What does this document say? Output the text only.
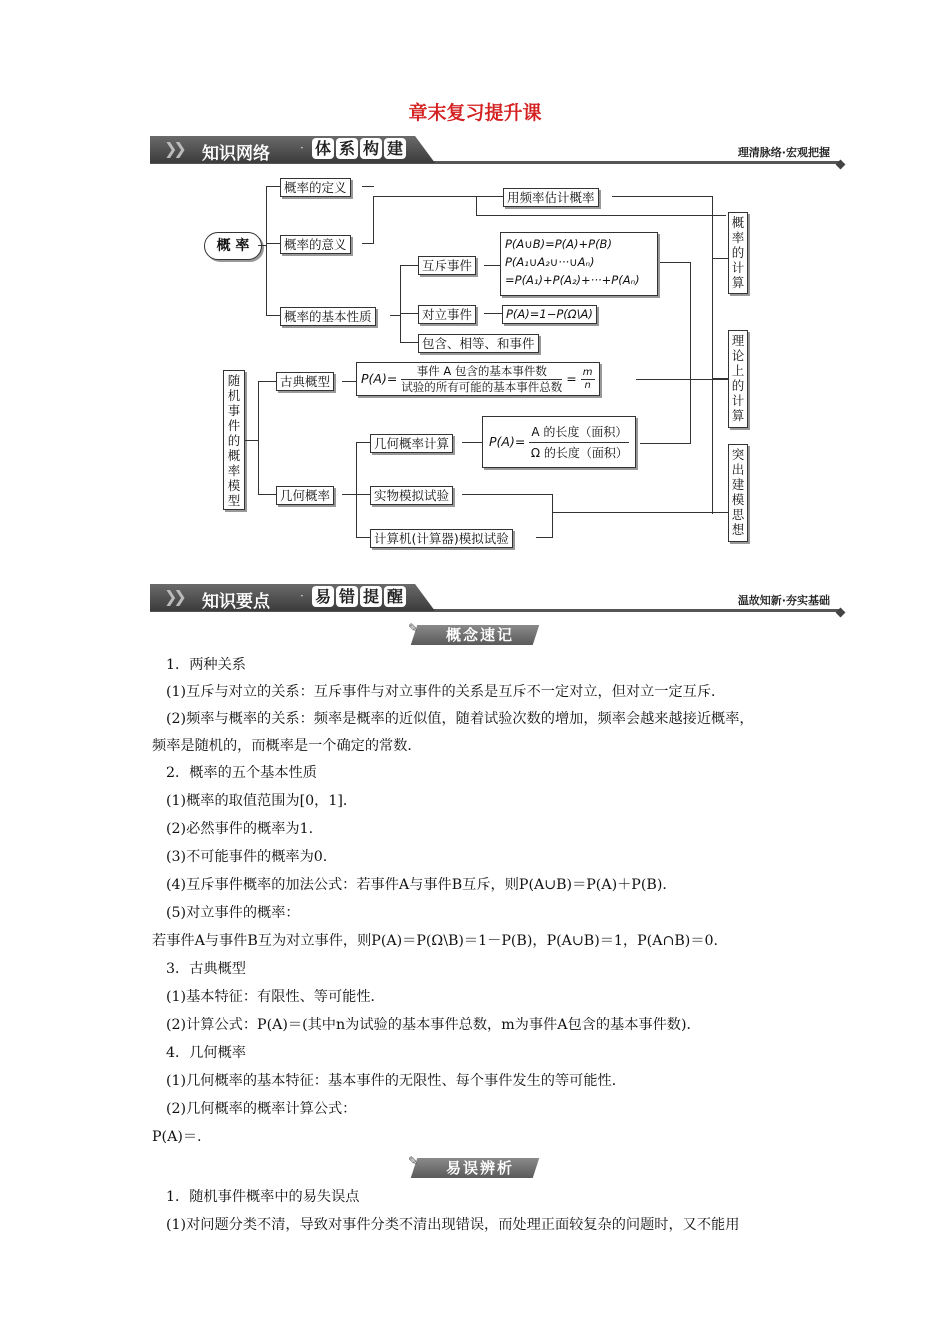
章末复习提升课
❯❯ 知识网络	· 体 系 构 建	理清脉络·宏观把握
概 率
概率的定义
概率的意义
概率的基本性质
用频率估计概率
互斥事件
对立事件
包含、相等、和事件
P(A∪B)=P(A)+P(B)
P(A₁∪A₂∪···∪Aₙ)
=P(A₁)+P(A₂)+···+P(Aₙ)
P(A)=1−P(Ω\A)
随机事件的概率模型
古典概型
几何概率
$P(A)= \frac{\text{事件 A 包含的基本事件数}}{\text{试验的所有可能的基本事件总数}} = \frac{m}{n}$
几何概率计算
实物模拟试验
计算机(计算器)模拟试验
$P(A)= \frac{\text{A 的长度（面积）}}{\text{Ω 的长度（面积）}}$
概率的计算
理论上的计算
突出建模思想
❯❯ 知识要点	· 易 错 提 醒	温故知新·夯实基础
✎	概念速记
1．两种关系
(1)互斥与对立的关系：互斥事件与对立事件的关系是互斥不一定对立，但对立一定互斥．
(2)频率与概率的关系：频率是概率的近似值，随着试验次数的增加，频率会越来越接近概率，
频率是随机的，而概率是一个确定的常数．
2．概率的五个基本性质
(1)概率的取值范围为[0，1]．
(2)必然事件的概率为1.
(3)不可能事件的概率为0.
(4)互斥事件概率的加法公式：若事件A与事件B互斥，则P(A∪B)＝P(A)＋P(B)．
(5)对立事件的概率：
若事件A与事件B互为对立事件，则P(A)＝P(Ω\B)＝1－P(B)，P(A∪B)＝1，P(A∩B)＝0.
3．古典概型
(1)基本特征：有限性、等可能性．
(2)计算公式：P(A)＝(其中n为试验的基本事件总数，m为事件A包含的基本事件数)．
4．几何概率
(1)几何概率的基本特征：基本事件的无限性、每个事件发生的等可能性．
(2)几何概率的概率计算公式：
P(A)＝.
✎	易误辨析
1．随机事件概率中的易失误点
(1)对问题分类不清，导致对事件分类不清出现错误，而处理正面较复杂的问题时，又不能用
